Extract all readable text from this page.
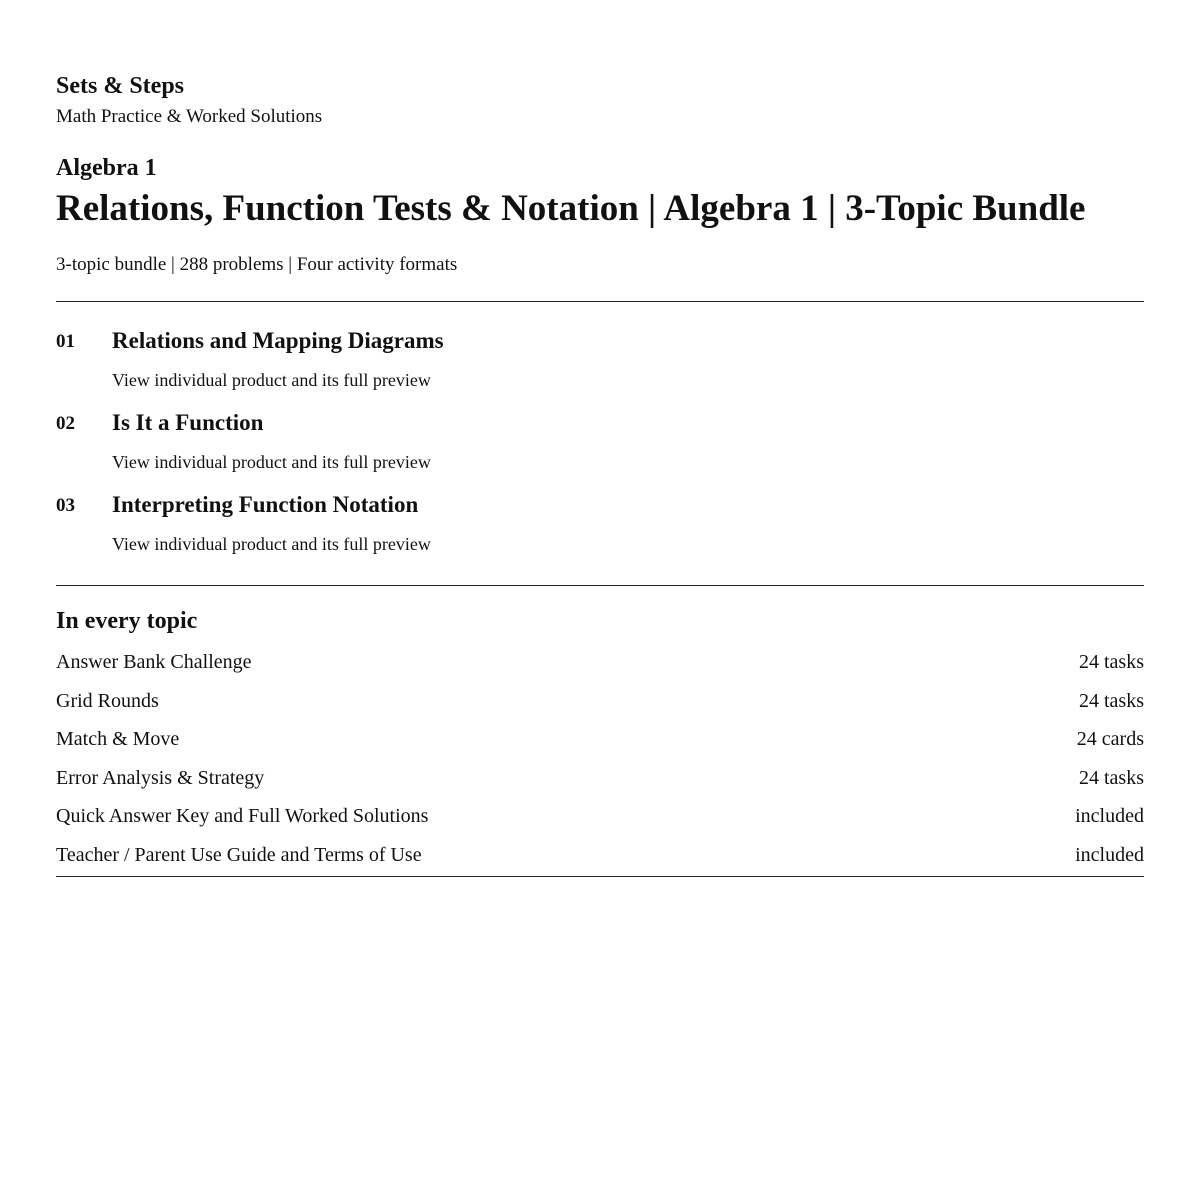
Sets & Steps
Math Practice & Worked Solutions
Algebra 1
Relations, Function Tests & Notation | Algebra 1 | 3-Topic Bundle
3-topic bundle | 288 problems | Four activity formats
01	Relations and Mapping Diagrams
View individual product and its full preview
02	Is It a Function
View individual product and its full preview
03	Interpreting Function Notation
View individual product and its full preview
In every topic
Answer Bank Challenge	24 tasks
Grid Rounds	24 tasks
Match & Move	24 cards
Error Analysis & Strategy	24 tasks
Quick Answer Key and Full Worked Solutions	included
Teacher / Parent Use Guide and Terms of Use	included
